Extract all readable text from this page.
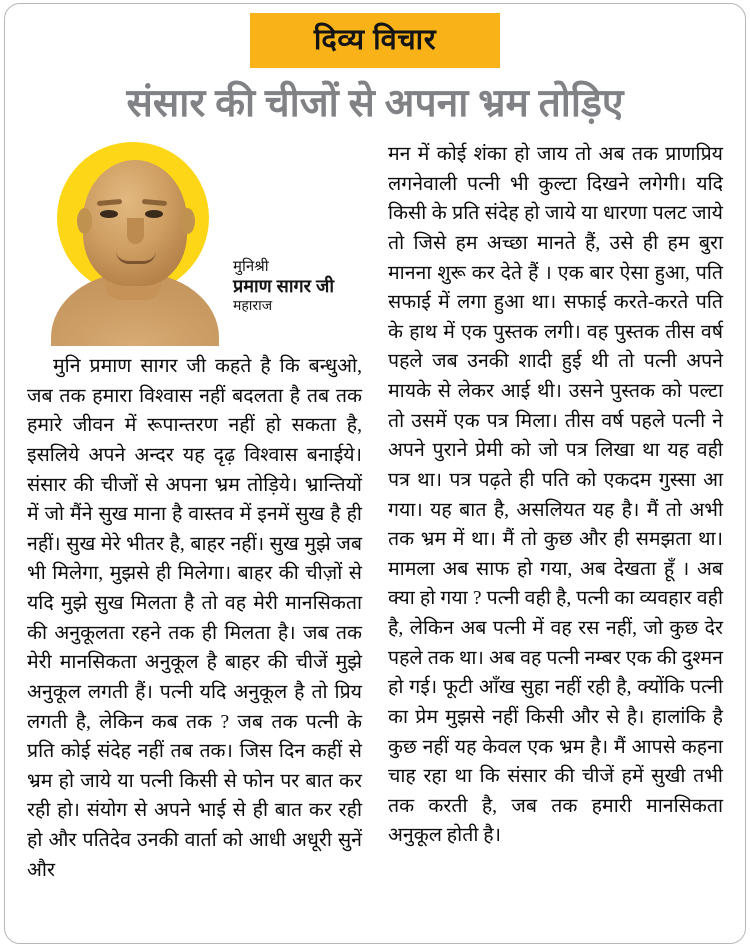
दिव्य विचार
संसार की चीजों से अपना भ्रम तोड़िए
मुनिश्री
प्रमाण सागर जी
महाराज

मुनि प्रमाण सागर जी कहते है कि बन्धुओ, जब तक हमारा विश्वास नहीं बदलता है तब तक हमारे जीवन में रूपान्तरण नहीं हो सकता है, इसलिये अपने अन्दर यह दृढ़ विश्वास बनाईये। संसार की चीजों से अपना भ्रम तोड़िये। भ्रान्तियों में जो मैंने सुख माना है वास्तव में इनमें सुख है ही नहीं। सुख मेरे भीतर है, बाहर नहीं। सुख मुझे जब भी मिलेगा, मुझसे ही मिलेगा। बाहर की चीज़ों से यदि मुझे सुख मिलता है तो वह मेरी मानसिकता की अनुकूलता रहने तक ही मिलता है। जब तक मेरी मानसिकता अनुकूल है बाहर की चीजें मुझे अनुकूल लगती हैं। पत्नी यदि अनुकूल है तो प्रिय लगती है, लेकिन कब तक ? जब तक पत्नी के प्रति कोई संदेह नहीं तब तक। जिस दिन कहीं से भ्रम हो जाये या पत्नी किसी से फोन पर बात कर रही हो। संयोग से अपने भाई से ही बात कर रही हो और पतिदेव उनकी वार्ता को आधी अधूरी सुनें और

मन में कोई शंका हो जाय तो अब तक प्राणप्रिय लगनेवाली पत्नी भी कुल्टा दिखने लगेगी। यदि किसी के प्रति संदेह हो जाये या धारणा पलट जाये तो जिसे हम अच्छा मानते हैं, उसे ही हम बुरा मानना शुरू कर देते हैं । एक बार ऐसा हुआ, पति सफाई में लगा हुआ था। सफाई करते-करते पति के हाथ में एक पुस्तक लगी। वह पुस्तक तीस वर्ष पहले जब उनकी शादी हुई थी तो पत्नी अपने मायके से लेकर आई थी। उसने पुस्तक को पल्टा तो उसमें एक पत्र मिला। तीस वर्ष पहले पत्नी ने अपने पुराने प्रेमी को जो पत्र लिखा था यह वही पत्र था। पत्र पढ़ते ही पति को एकदम गुस्सा आ गया। यह बात है, असलियत यह है। मैं तो अभी तक भ्रम में था। मैं तो कुछ और ही समझता था। मामला अब साफ हो गया, अब देखता हूँ । अब क्या हो गया ? पत्नी वही है, पत्नी का व्यवहार वही है, लेकिन अब पत्नी में वह रस नहीं, जो कुछ देर पहले तक था। अब वह पत्नी नम्बर एक की दुश्मन हो गई। फूटी आँख सुहा नहीं रही है, क्योंकि पत्नी का प्रेम मुझसे नहीं किसी और से है। हालांकि है कुछ नहीं यह केवल एक भ्रम है। मैं आपसे कहना चाह रहा था कि संसार की चीजें हमें सुखी तभी तक करती है, जब तक हमारी मानसिकता अनुकूल होती है।
